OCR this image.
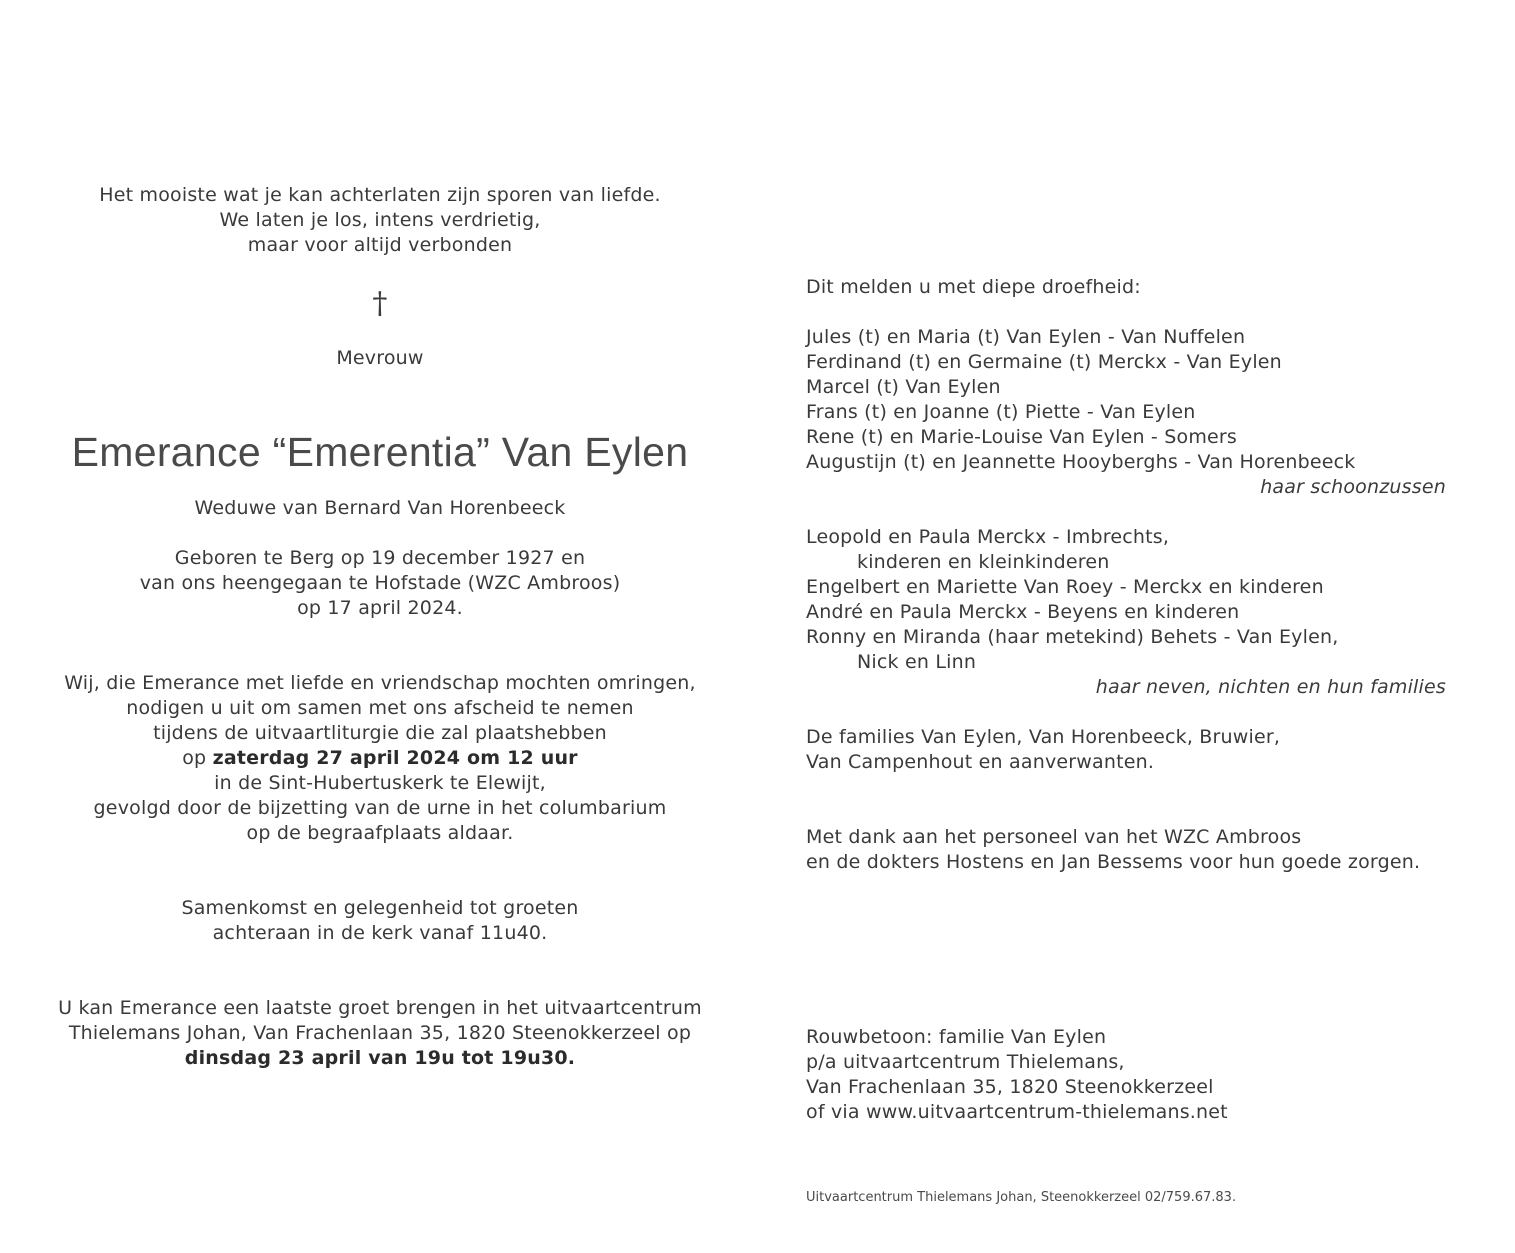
Het mooiste wat je kan achterlaten zijn sporen van liefde.
We laten je los, intens verdrietig,
maar voor altijd verbonden
†
Mevrouw
Emerance “Emerentia” Van Eylen
Weduwe van Bernard Van Horenbeeck
Geboren te Berg op 19 december 1927 en
van ons heengegaan te Hofstade (WZC Ambroos)
op 17 april 2024.
Wij, die Emerance met liefde en vriendschap mochten omringen,
nodigen u uit om samen met ons afscheid te nemen
tijdens de uitvaartliturgie die zal plaatshebben
op zaterdag 27 april 2024 om 12 uur
in de Sint-Hubertuskerk te Elewijt,
gevolgd door de bijzetting van de urne in het columbarium
op de begraafplaats aldaar.
Samenkomst en gelegenheid tot groeten
achteraan in de kerk vanaf 11u40.
U kan Emerance een laatste groet brengen in het uitvaartcentrum
Thielemans Johan, Van Frachenlaan 35, 1820 Steenokkerzeel op
dinsdag 23 april van 19u tot 19u30.
Dit melden u met diepe droefheid:
Jules (t) en Maria (t) Van Eylen - Van Nuffelen
Ferdinand (t) en Germaine (t) Merckx - Van Eylen
Marcel (t) Van Eylen
Frans (t) en Joanne (t) Piette - Van Eylen
Rene (t) en Marie-Louise Van Eylen - Somers
Augustijn (t) en Jeannette Hooyberghs - Van Horenbeeck
haar schoonzussen
Leopold en Paula Merckx - Imbrechts,
kinderen en kleinkinderen
Engelbert en Mariette Van Roey - Merckx en kinderen
André en Paula Merckx - Beyens en kinderen
Ronny en Miranda (haar metekind) Behets - Van Eylen,
Nick en Linn
haar neven, nichten en hun families
De families Van Eylen, Van Horenbeeck, Bruwier,
Van Campenhout en aanverwanten.
Met dank aan het personeel van het WZC Ambroos
en de dokters Hostens en Jan Bessems voor hun goede zorgen.
Rouwbetoon: familie Van Eylen
p/a uitvaartcentrum Thielemans,
Van Frachenlaan 35, 1820 Steenokkerzeel
of via www.uitvaartcentrum-thielemans.net
Uitvaartcentrum Thielemans Johan, Steenokkerzeel 02/759.67.83.
